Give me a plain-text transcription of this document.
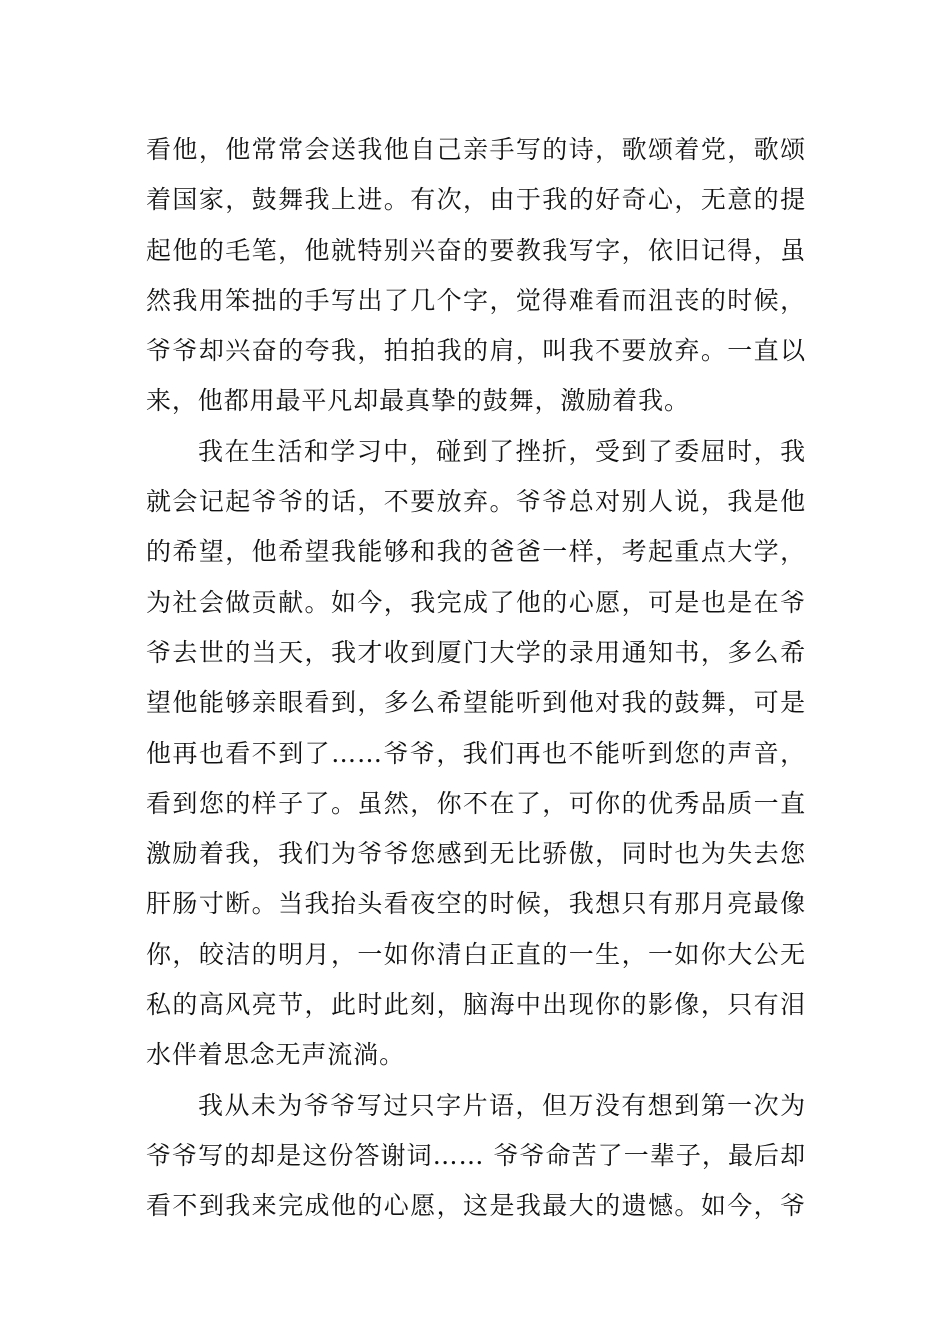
看他，他常常会送我他自己亲手写的诗，歌颂着党，歌颂
着国家，鼓舞我上进。有次，由于我的好奇心，无意的提
起他的毛笔，他就特别兴奋的要教我写字，依旧记得，虽
然我用笨拙的手写出了几个字，觉得难看而沮丧的时候，
爷爷却兴奋的夸我，拍拍我的肩，叫我不要放弃。一直以
来，他都用最平凡却最真挚的鼓舞，激励着我。
我在生活和学习中，碰到了挫折，受到了委屈时，我
就会记起爷爷的话，不要放弃。爷爷总对别人说，我是他
的希望，他希望我能够和我的爸爸一样，考起重点大学，
为社会做贡献。如今，我完成了他的心愿，可是也是在爷
爷去世的当天，我才收到厦门大学的录用通知书，多么希
望他能够亲眼看到，多么希望能听到他对我的鼓舞，可是
他再也看不到了……爷爷，我们再也不能听到您的声音，
看到您的样子了。虽然，你不在了，可你的优秀品质一直
激励着我，我们为爷爷您感到无比骄傲，同时也为失去您
肝肠寸断。当我抬头看夜空的时候，我想只有那月亮最像
你，皎洁的明月，一如你清白正直的一生，一如你大公无
私的高风亮节，此时此刻，脑海中出现你的影像，只有泪
水伴着思念无声流淌。
我从未为爷爷写过只字片语，但万没有想到第一次为
爷爷写的却是这份答谢词…… 爷爷命苦了一辈子，最后却
看不到我来完成他的心愿，这是我最大的遗憾。如今，爷
